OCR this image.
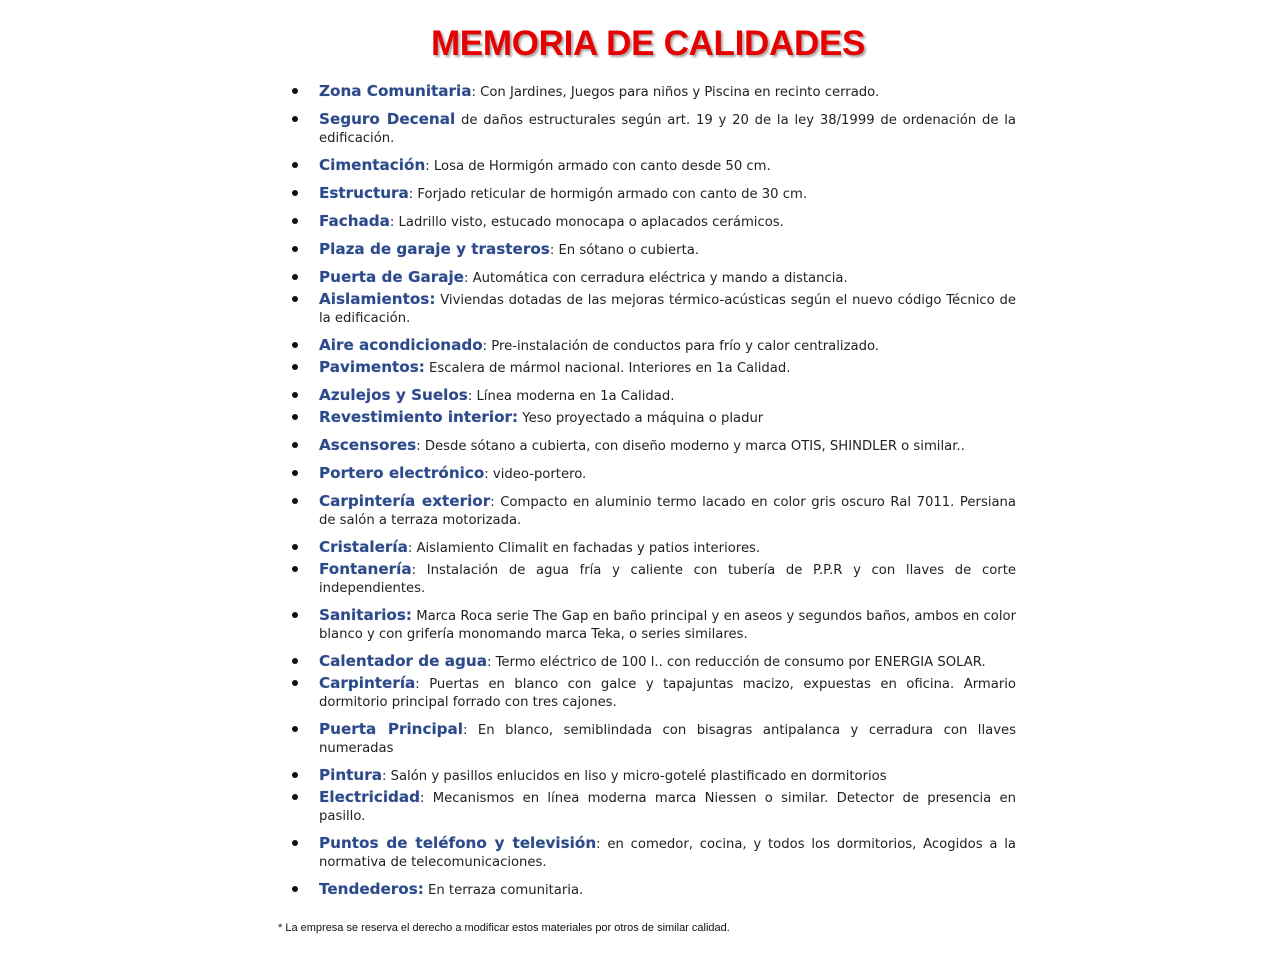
MEMORIA DE CALIDADES
Zona Comunitaria: Con Jardines, Juegos para niños y Piscina en recinto cerrado.
Seguro Decenal de daños estructurales según art. 19 y 20 de la ley 38/1999 de ordenación de la edificación.
Cimentación: Losa de Hormigón armado con canto desde 50 cm.
Estructura: Forjado reticular de hormigón armado con canto de 30 cm.
Fachada: Ladrillo visto, estucado monocapa o aplacados cerámicos.
Plaza de garaje y trasteros: En sótano o cubierta.
Puerta de Garaje: Automática con cerradura eléctrica y mando a distancia.
Aislamientos: Viviendas dotadas de las mejoras térmico-acústicas según el nuevo código Técnico de la edificación.
Aire acondicionado: Pre-instalación de conductos para frío y calor centralizado.
Pavimentos: Escalera de mármol nacional. Interiores en 1a Calidad.
Azulejos y Suelos: Línea moderna en 1a Calidad.
Revestimiento interior: Yeso proyectado a máquina o pladur
Ascensores: Desde sótano a cubierta, con diseño moderno y marca OTIS, SHINDLER o similar..
Portero electrónico: video-portero.
Carpintería exterior: Compacto en aluminio termo lacado en color gris oscuro Ral 7011. Persiana de salón a terraza motorizada.
Cristalería: Aislamiento Climalit en fachadas y patios interiores.
Fontanería: Instalación de agua fría y caliente con tubería de P.P.R y con llaves de corte independientes.
Sanitarios: Marca Roca serie The Gap en baño principal y en aseos y segundos baños, ambos en color blanco y con grifería monomando marca Teka, o series similares.
Calentador de agua: Termo eléctrico de 100 l.. con reducción de consumo por ENERGIA SOLAR.
Carpintería: Puertas en blanco con galce y tapajuntas macizo, expuestas en oficina. Armario dormitorio principal forrado con tres cajones.
Puerta Principal: En blanco, semiblindada con bisagras antipalanca y cerradura con llaves numeradas
Pintura: Salón y pasillos enlucidos en liso y micro-gotelé plastificado en dormitorios
Electricidad: Mecanismos en línea moderna marca Niessen o similar. Detector de presencia en pasillo.
Puntos de teléfono y televisión: en comedor, cocina, y todos los dormitorios, Acogidos a la normativa de telecomunicaciones.
Tendederos: En terraza comunitaria.

* La empresa se reserva el derecho a modificar estos materiales por otros de similar calidad.
